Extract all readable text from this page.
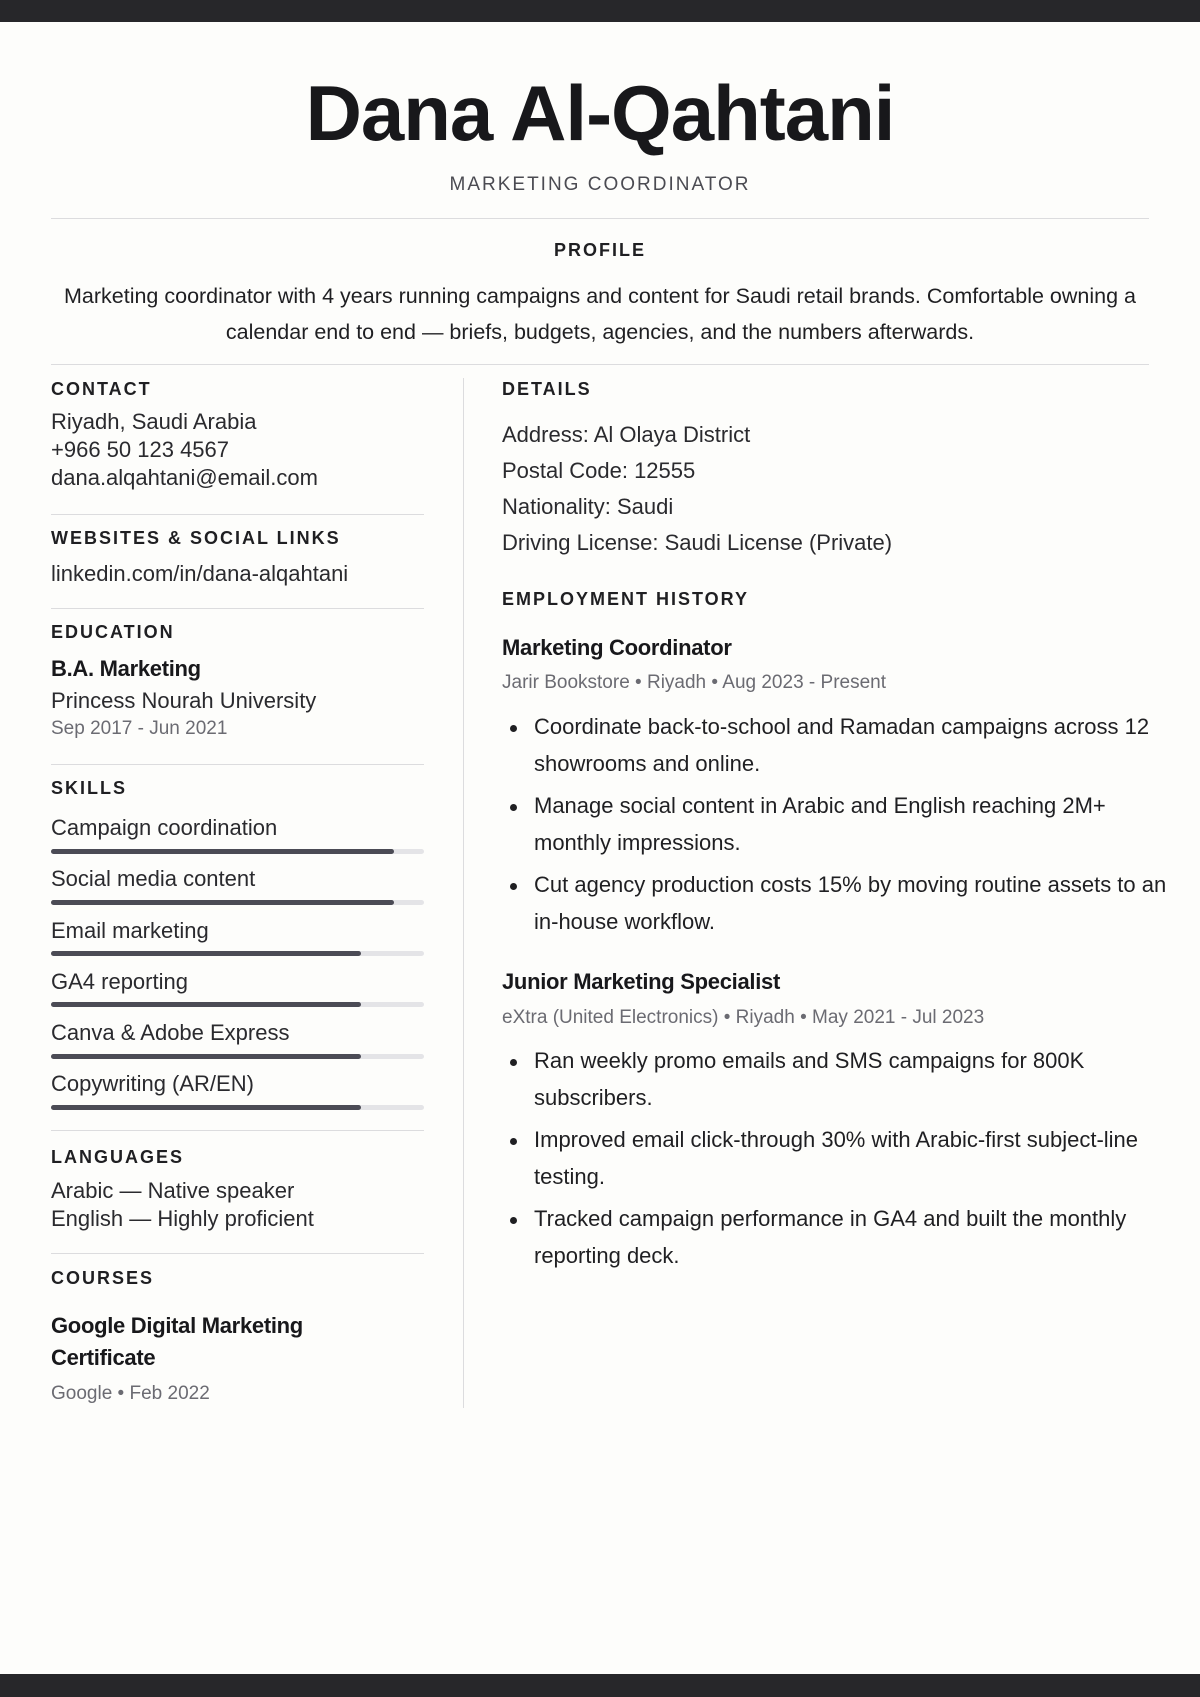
Dana Al-Qahtani
MARKETING COORDINATOR
PROFILE
Marketing coordinator with 4 years running campaigns and content for Saudi retail brands. Comfortable owning a calendar end to end — briefs, budgets, agencies, and the numbers afterwards.
CONTACT
Riyadh, Saudi Arabia
+966 50 123 4567
dana.alqahtani@email.com
WEBSITES & SOCIAL LINKS
linkedin.com/in/dana-alqahtani
EDUCATION
B.A. Marketing
Princess Nourah University
Sep 2017 - Jun 2021
SKILLS
Campaign coordination
Social media content
Email marketing
GA4 reporting
Canva & Adobe Express
Copywriting (AR/EN)
LANGUAGES
Arabic — Native speaker
English — Highly proficient
COURSES
Google Digital Marketing Certificate
Google • Feb 2022
DETAILS
Address: Al Olaya District
Postal Code: 12555
Nationality: Saudi
Driving License: Saudi License (Private)
EMPLOYMENT HISTORY
Marketing Coordinator
Jarir Bookstore • Riyadh • Aug 2023 - Present
Coordinate back-to-school and Ramadan campaigns across 12 showrooms and online.
Manage social content in Arabic and English reaching 2M+ monthly impressions.
Cut agency production costs 15% by moving routine assets to an in-house workflow.
Junior Marketing Specialist
eXtra (United Electronics) • Riyadh • May 2021 - Jul 2023
Ran weekly promo emails and SMS campaigns for 800K subscribers.
Improved email click-through 30% with Arabic-first subject-line testing.
Tracked campaign performance in GA4 and built the monthly reporting deck.
